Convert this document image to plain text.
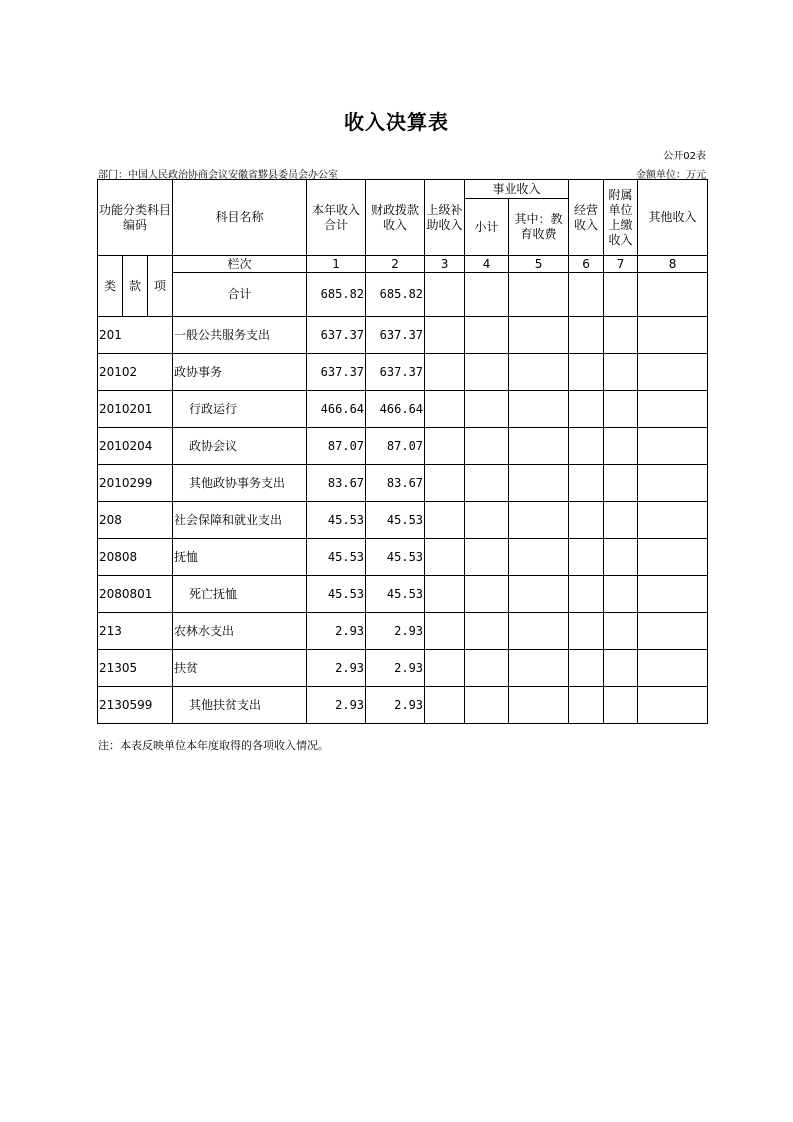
收入决算表
公开02表
部门：中国人民政治协商会议安徽省黟县委员会办公室	金额单位：万元
功能分类科目编码			科目名称	本年收入合计	财政拨款收入	上级补助收入	事业收入		经营收入	附属单位上缴收入	其他收入
							小计	其中：教育收费			
类	款	项	栏次	1	2	3	4	5	6	7	8
			合计	685.82	685.82						
201			一般公共服务支出	637.37	637.37						
20102			政协事务	637.37	637.37						
2010201			行政运行	466.64	466.64						
2010204			政协会议	87.07	87.07						
2010299			其他政协事务支出	83.67	83.67						
208			社会保障和就业支出	45.53	45.53						
20808			抚恤	45.53	45.53						
2080801			死亡抚恤	45.53	45.53						
213			农林水支出	2.93	2.93						
21305			扶贫	2.93	2.93						
2130599			其他扶贫支出	2.93	2.93						
注：本表反映单位本年度取得的各项收入情况。
